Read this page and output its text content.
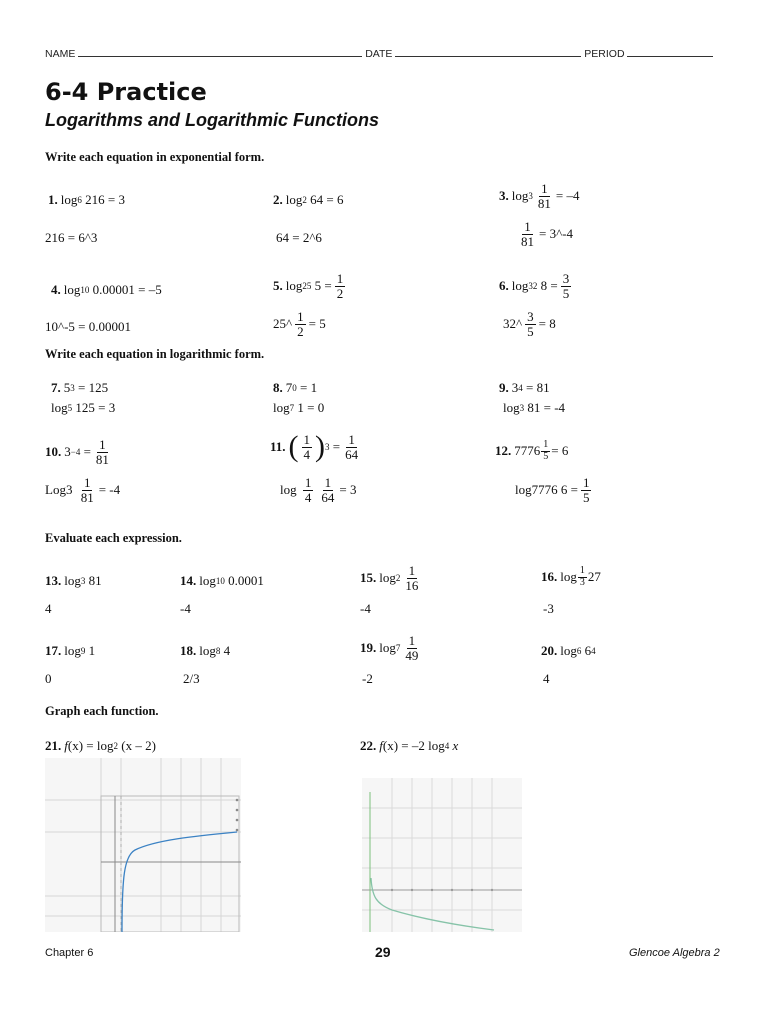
NAME	DATE	PERIOD
6-4 Practice
Logarithms and Logarithmic Functions
Write each equation in exponential form.
1. log 6
216 = 3
216 = 6^3
2. log 2
64 = 6
64 = 2^6
3. $\log 3 \frac{1}{81} = -4$
$\frac{1}{81}$ = 3^-4
4. log 10
0.00001 = –5
10^-5 = 0.00001
5. log 25
$5 = \frac{1}{2}$
25^ $\frac{1}{2} = 5$
6. log 32
$8 = \frac{3}{5}$
32^ $\frac{3}{5} = 8$
Write each equation in logarithmic form.
7. 5 3
= 125
log 5
125 = 3
8. 7 0
= 1
log 7
1 = 0
9. 3 4
= 81
log 3
81 = -4
10. 3 −4
= $\frac{1}{81}$
Log3
$\frac{1}{81} = -4$
11. ( $\frac{1}{4}$ ) 3
= $\frac{1}{64}$
log
$\frac{1}{4} \frac{1}{64} = 3$
12. $7776 \frac{1}{5} = 6$
log7776 $6 = \frac{1}{5}$
Evaluate each expression.
13. log 3
81
4
14. log 10
0.0001
-4
15. $\log 2 \frac{1}{16}$
-4
16. $\log \frac{1}{3} 27$
-3
17. log 9
1
0
18. log 8
4
2/3
19. $\log 7 \frac{1}{49}$
-2
20. log 6
6 4
4
Graph each function.
21. f (x) = log 2
(x – 2)	22. f (x) = –2 log 4
x
Chapter 6	29	Glencoe Algebra 2
